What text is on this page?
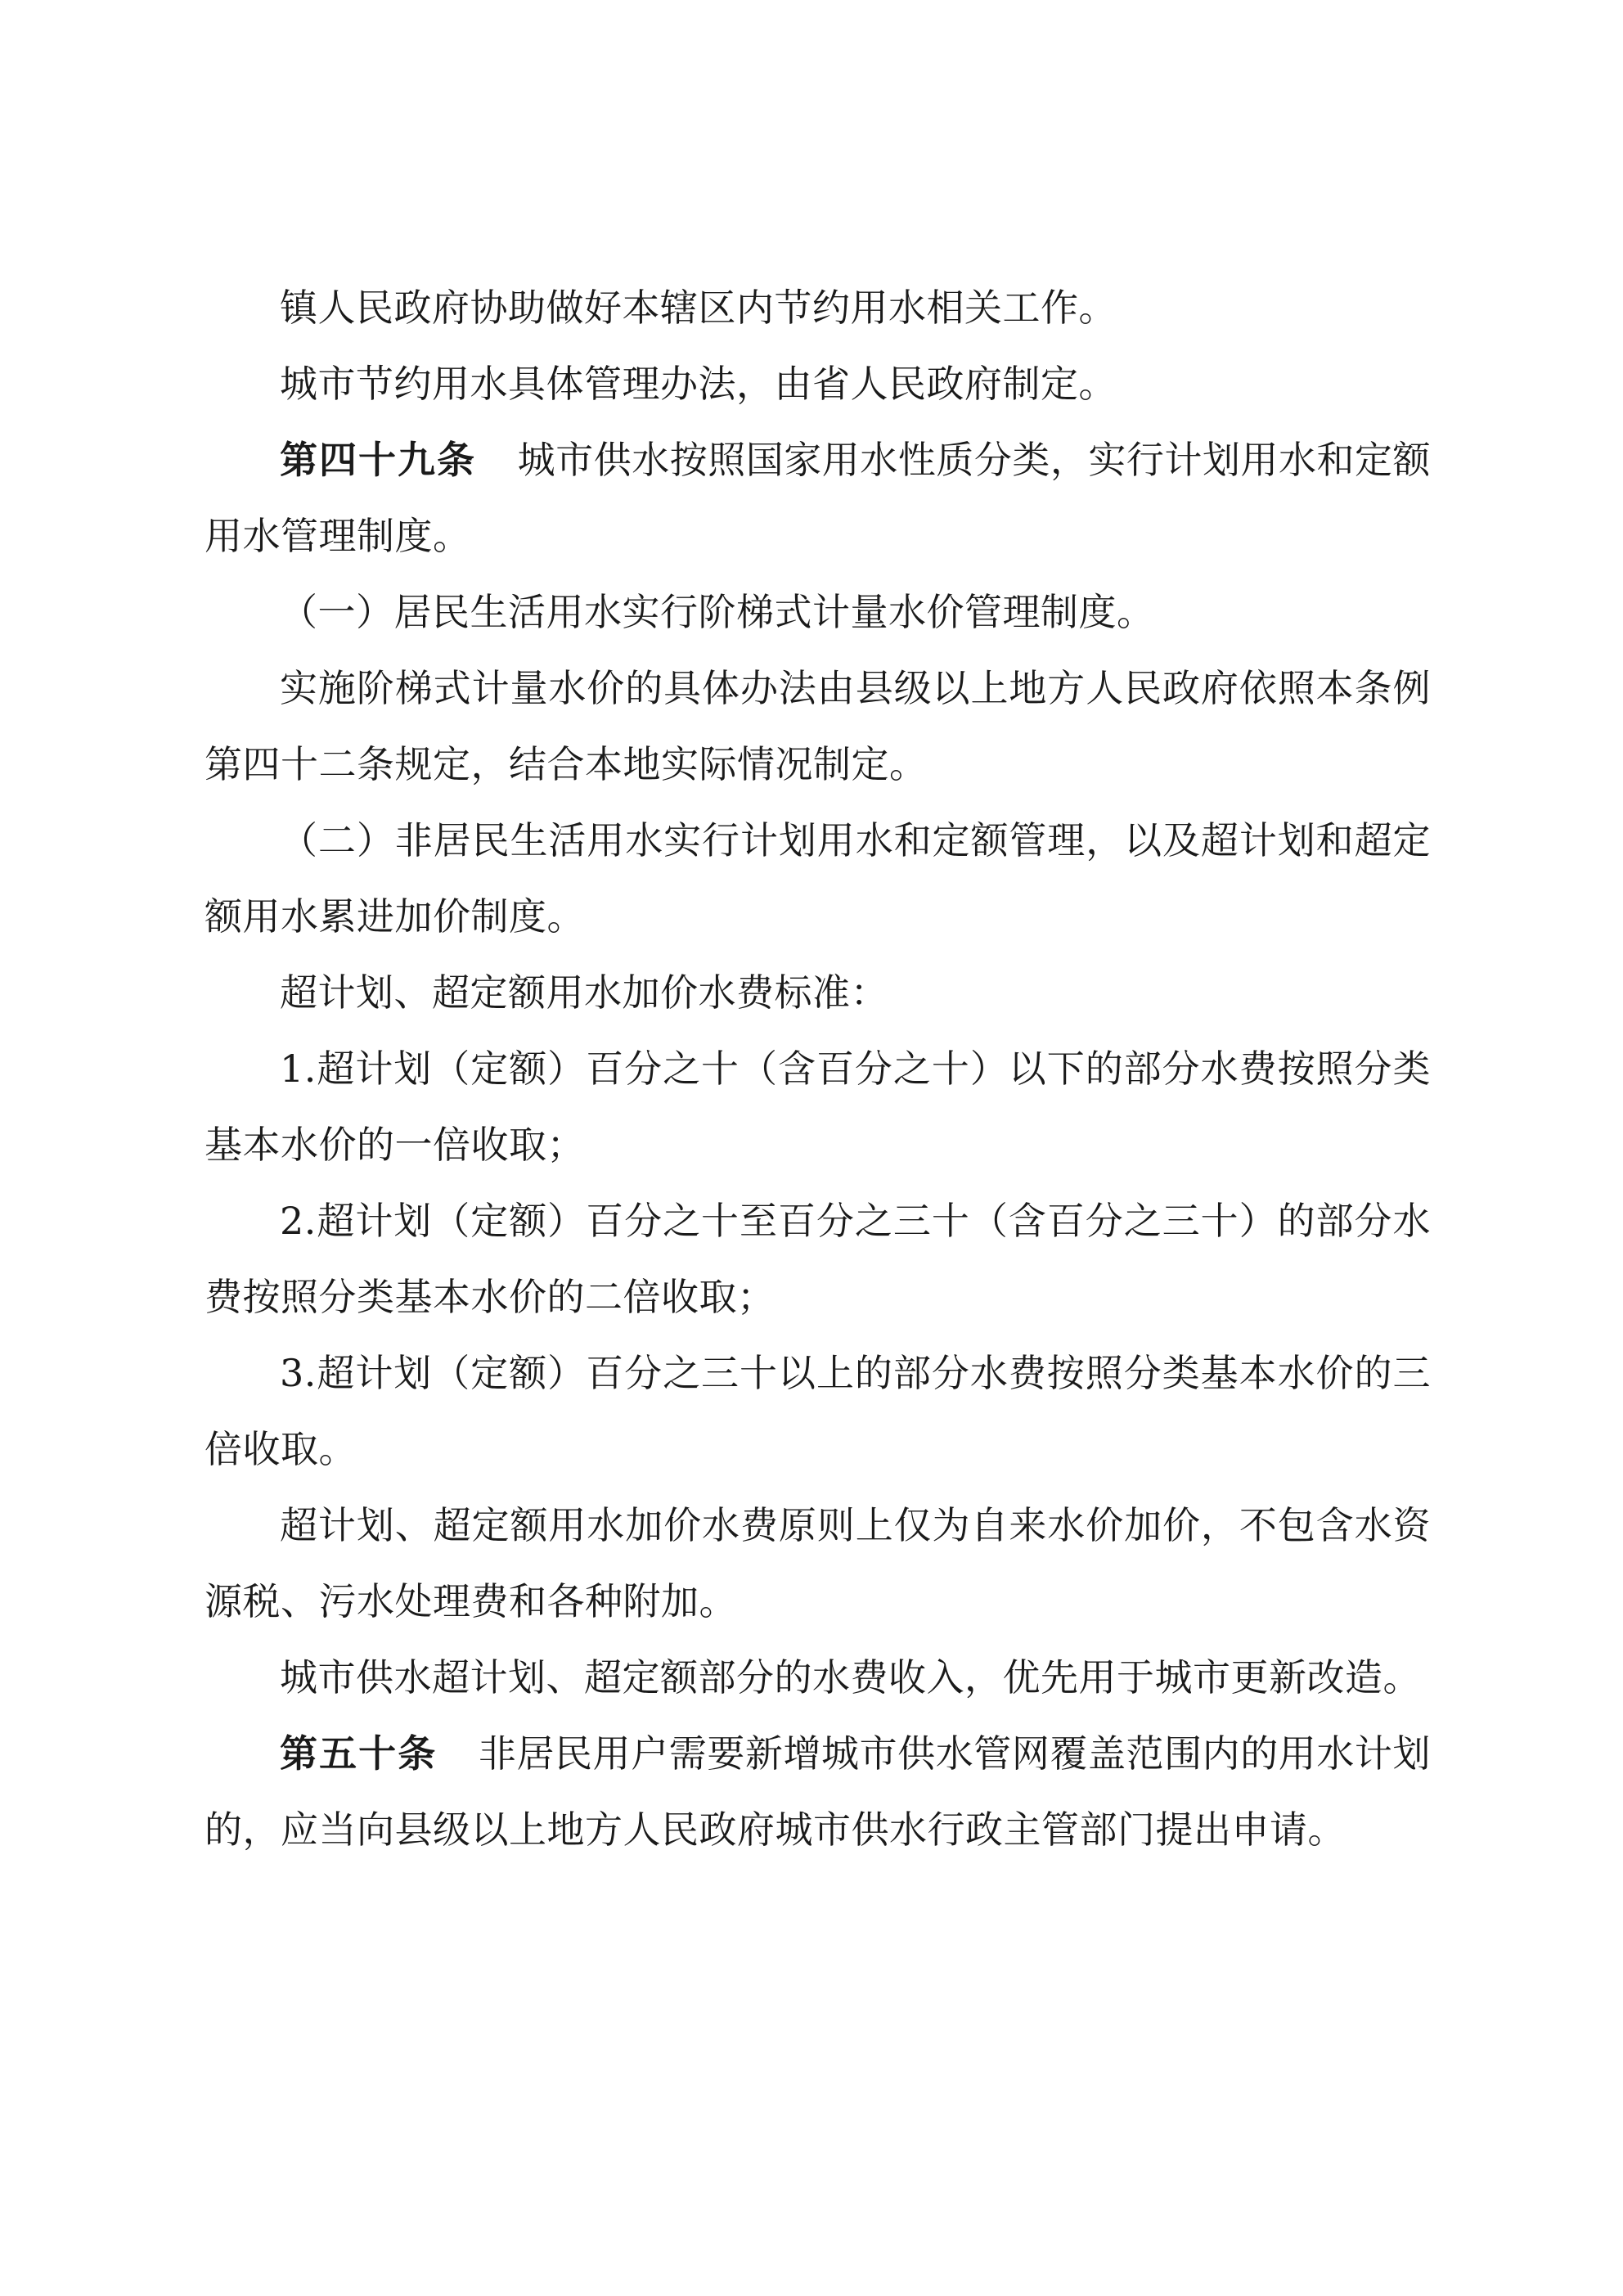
镇人民政府协助做好本辖区内节约用水相关工作。

城市节约用水具体管理办法，由省人民政府制定。

第四十九条 城市供水按照国家用水性质分类，实行计划用水和定额用水管理制度。

（一）居民生活用水实行阶梯式计量水价管理制度。

实施阶梯式计量水价的具体办法由县级以上地方人民政府依照本条例第四十二条规定，结合本地实际情况制定。

（二）非居民生活用水实行计划用水和定额管理，以及超计划和超定额用水累进加价制度。

超计划、超定额用水加价水费标准：

1.超计划（定额）百分之十（含百分之十）以下的部分水费按照分类基本水价的一倍收取；

2.超计划（定额）百分之十至百分之三十（含百分之三十）的部分水费按照分类基本水价的二倍收取；

3.超计划（定额）百分之三十以上的部分水费按照分类基本水价的三倍收取。

超计划、超定额用水加价水费原则上仅为自来水价加价，不包含水资源税、污水处理费和各种附加。

城市供水超计划、超定额部分的水费收入，优先用于城市更新改造。

第五十条 非居民用户需要新增城市供水管网覆盖范围内的用水计划的，应当向县级以上地方人民政府城市供水行政主管部门提出申请。
